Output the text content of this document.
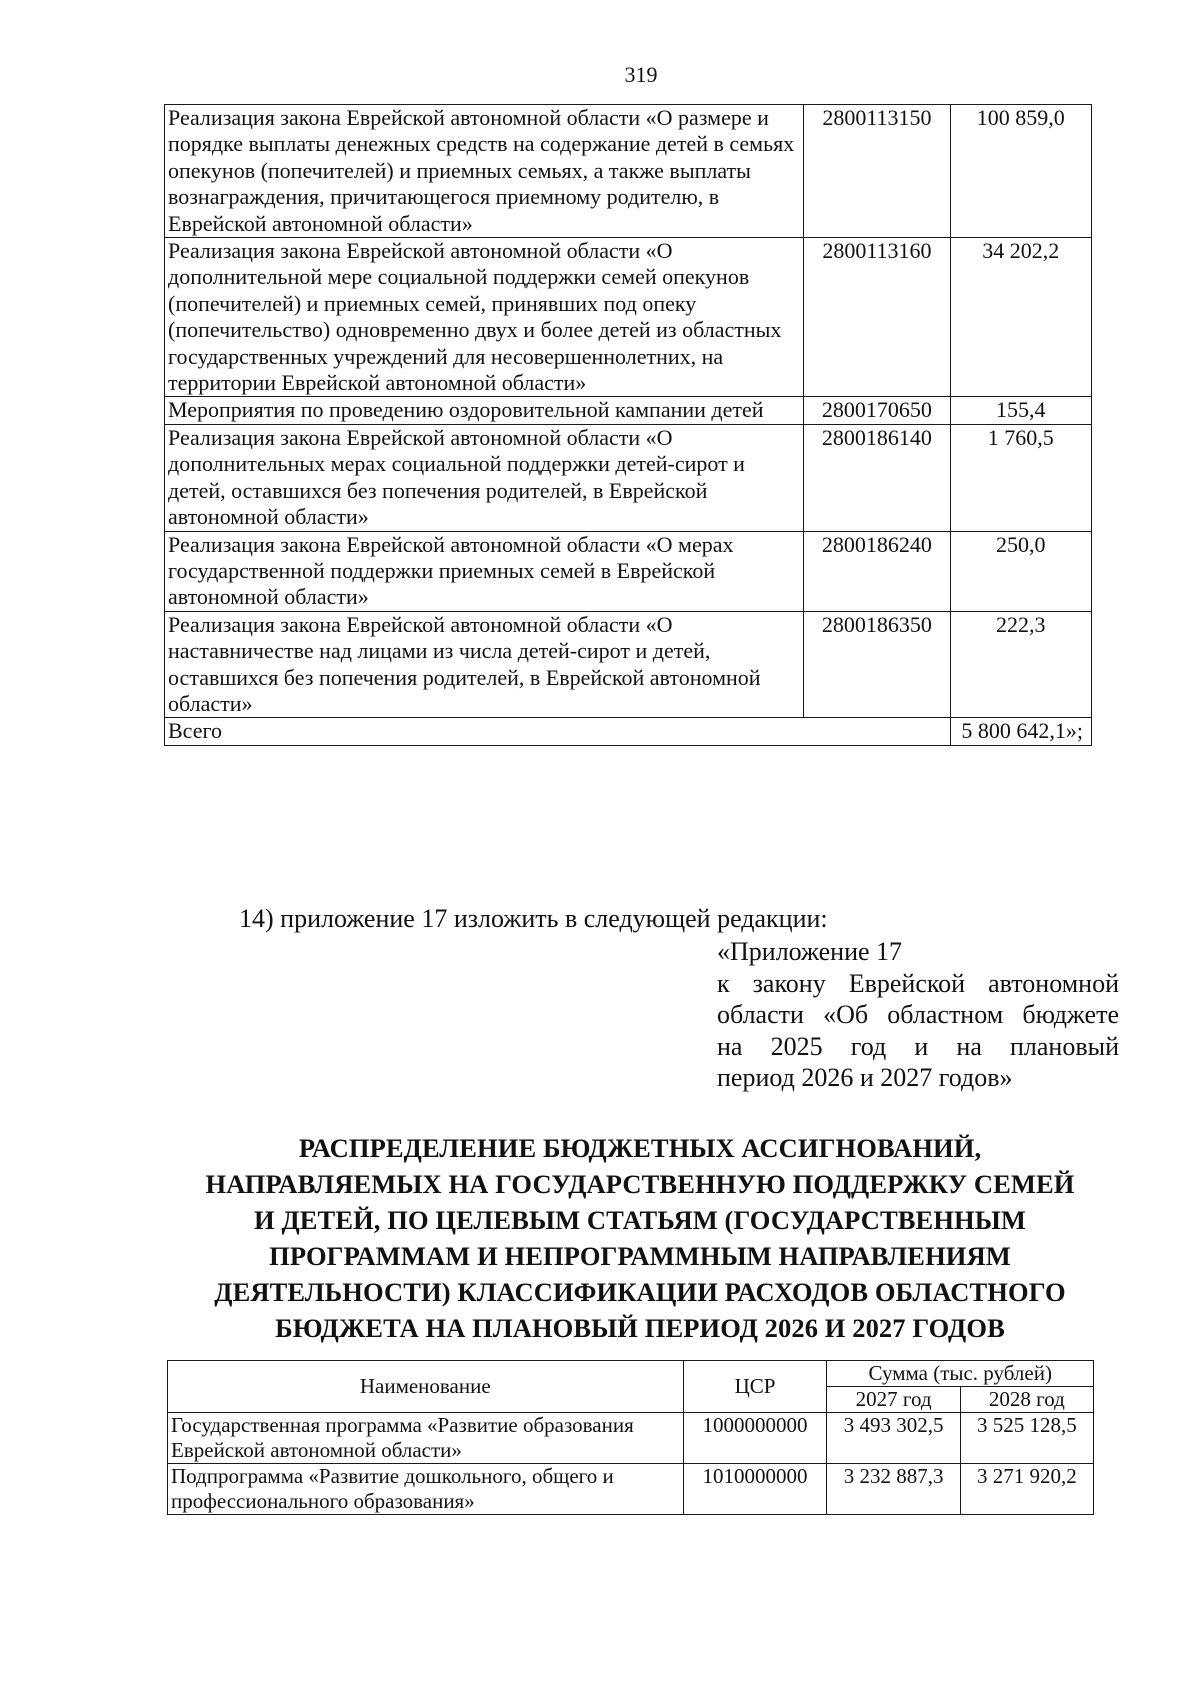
319
Реализация закона Еврейской автономной области «О размере и порядке выплаты денежных средств на содержание детей в семьях опекунов (попечителей) и приемных семьях, а также выплаты вознаграждения, причитающегося приемному родителю, в Еврейской автономной области»	2800113150	100 859,0
Реализация закона Еврейской автономной области «О дополнительной мере социальной поддержки семей опекунов (попечителей) и приемных семей, принявших под опеку (попечительство) одновременно двух и более детей из областных государственных учреждений для несовершеннолетних, на территории Еврейской автономной области»	2800113160	34 202,2
Мероприятия по проведению оздоровительной кампании детей	2800170650	155,4
Реализация закона Еврейской автономной области «О дополнительных мерах социальной поддержки детей-сирот и детей, оставшихся без попечения родителей, в Еврейской автономной области»	2800186140	1 760,5
Реализация закона Еврейской автономной области «О мерах государственной поддержки приемных семей в Еврейской автономной области»	2800186240	250,0
Реализация закона Еврейской автономной области «О наставничестве над лицами из числа детей-сирот и детей, оставшихся без попечения родителей, в Еврейской автономной области»	2800186350	222,3
Всего		5 800 642,1»;
14) приложение 17 изложить в следующей редакции:
«Приложение 17
к закону Еврейской автономной
области «Об областном бюджете
на 2025 год и на плановый
период 2026 и 2027 годов»
РАСПРЕДЕЛЕНИЕ БЮДЖЕТНЫХ АССИГНОВАНИЙ,
НАПРАВЛЯЕМЫХ НА ГОСУДАРСТВЕННУЮ ПОДДЕРЖКУ СЕМЕЙ
И ДЕТЕЙ, ПО ЦЕЛЕВЫМ СТАТЬЯМ (ГОСУДАРСТВЕННЫМ
ПРОГРАММАМ И НЕПРОГРАММНЫМ НАПРАВЛЕНИЯМ
ДЕЯТЕЛЬНОСТИ) КЛАССИФИКАЦИИ РАСХОДОВ ОБЛАСТНОГО
БЮДЖЕТА НА ПЛАНОВЫЙ ПЕРИОД 2026 И 2027 ГОДОВ
Наименование	ЦСР	Сумма (тыс. рублей)	
		2027 год	2028 год
Государственная программа «Развитие образования Еврейской автономной области»	1000000000	3 493 302,5	3 525 128,5
Подпрограмма «Развитие дошкольного, общего и профессионального образования»	1010000000	3 232 887,3	3 271 920,2
